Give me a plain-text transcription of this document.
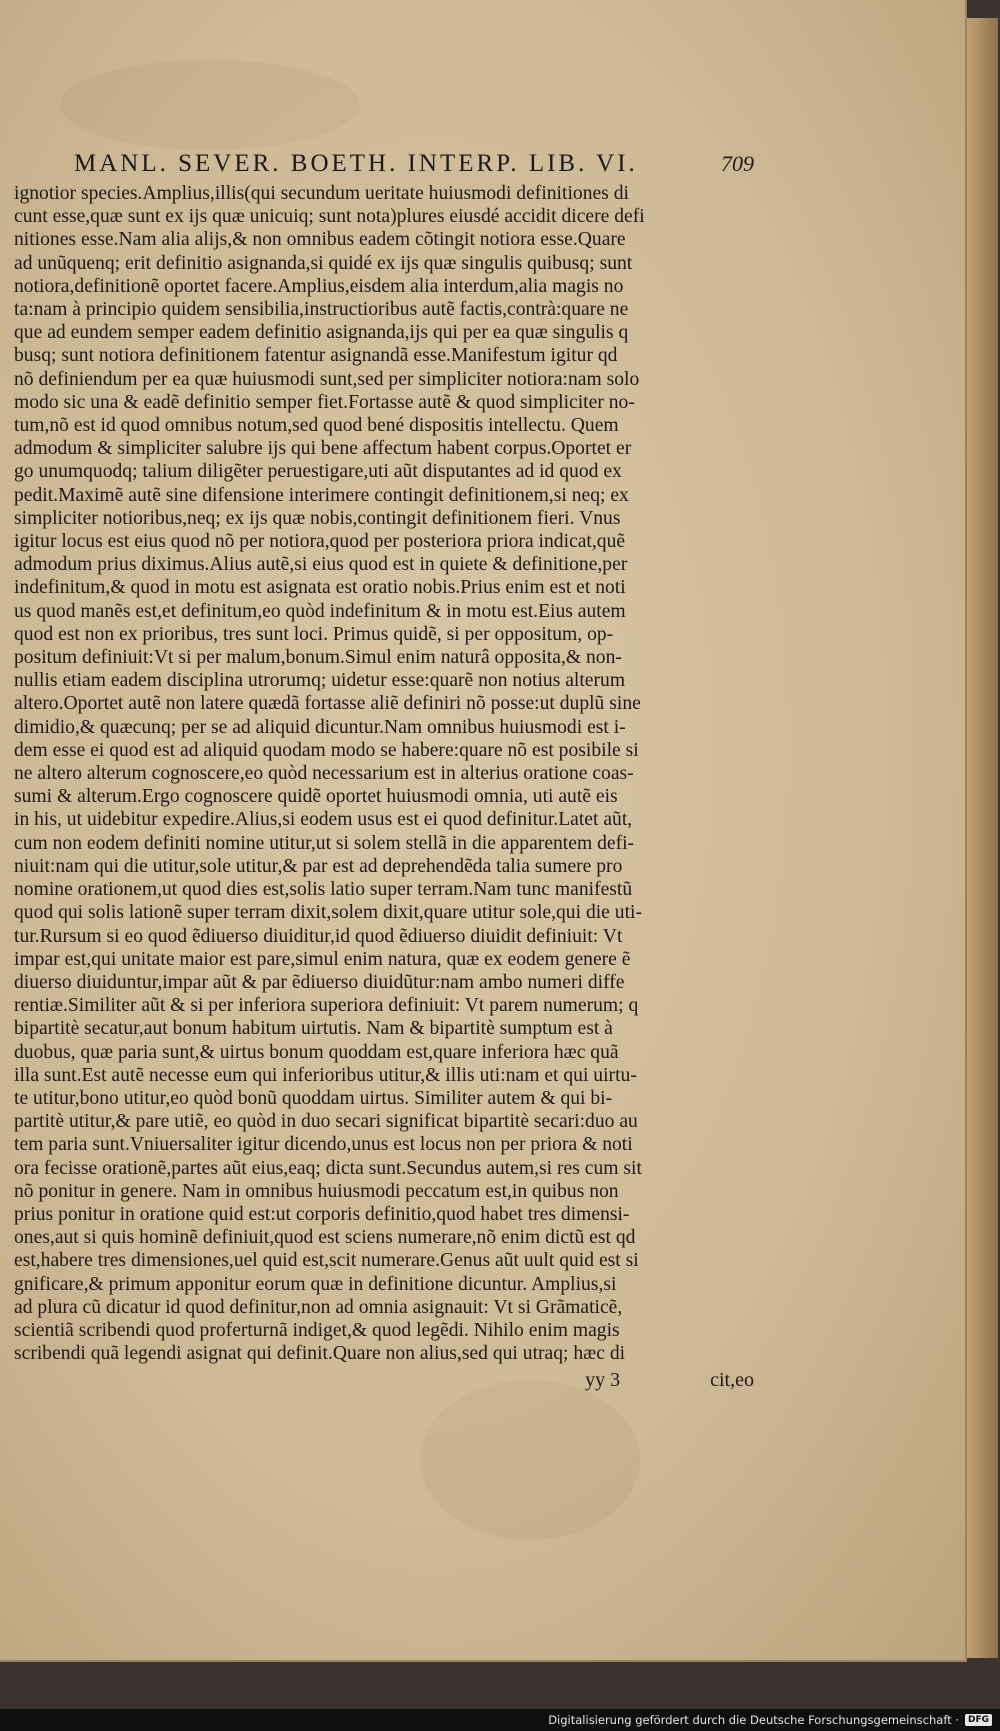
MANL. SEVER. BOETH. INTERP. LIB. VI.	709
ignotior species.Amplius,illis(qui secundum ueritate huiusmodi definitiones di
cunt esse,quæ sunt ex ijs quæ unicuiq; sunt nota)plures eiusdé accidit dicere defi
nitiones esse.Nam alia alijs,& non omnibus eadem cõtingit notiora esse.Quare
ad unũquenq; erit definitio asignanda,si quidé ex ijs quæ singulis quibusq; sunt
notiora,definitionẽ oportet facere.Amplius,eisdem alia interdum,alia magis no
ta:nam à principio quidem sensibilia,instructioribus autẽ factis,contrà:quare ne
que ad eundem semper eadem definitio asignanda,ijs qui per ea quæ singulis q
busq; sunt notiora definitionem fatentur asignandã esse.Manifestum igitur qd
nõ definiendum per ea quæ huiusmodi sunt,sed per simpliciter notiora:nam solo
modo sic una & eadẽ definitio semper fiet.Fortasse autẽ & quod simpliciter no-
tum,nõ est id quod omnibus notum,sed quod bené dispositis intellectu. Quem
admodum & simpliciter salubre ijs qui bene affectum habent corpus.Oportet er
go unumquodq; talium diligẽter peruestigare,uti aũt disputantes ad id quod ex
pedit.Maximẽ autẽ sine difensione interimere contingit definitionem,si neq; ex
simpliciter notioribus,neq; ex ijs quæ nobis,contingit definitionem fieri. Vnus
igitur locus est eius quod nõ per notiora,quod per posteriora priora indicat,quẽ
admodum prius diximus.Alius autẽ,si eius quod est in quiete & definitione,per
indefinitum,& quod in motu est asignata est oratio nobis.Prius enim est et noti
us quod manẽs est,et definitum,eo quòd indefinitum & in motu est.Eius autem
quod est non ex prioribus, tres sunt loci. Primus quidẽ, si per oppositum, op-
positum definiuit:Vt si per malum,bonum.Simul enim naturâ opposita,& non-
nullis etiam eadem disciplina utrorumq; uidetur esse:quarẽ non notius alterum
altero.Oportet autẽ non latere quædã fortasse aliẽ definiri nõ posse:ut duplũ sine
dimidio,& quæcunq; per se ad aliquid dicuntur.Nam omnibus huiusmodi est i-
dem esse ei quod est ad aliquid quodam modo se habere:quare nõ est posibile si
ne altero alterum cognoscere,eo quòd necessarium est in alterius oratione coas-
sumi & alterum.Ergo cognoscere quidẽ oportet huiusmodi omnia, uti autẽ eis
in his, ut uidebitur expedire.Alius,si eodem usus est ei quod definitur.Latet aũt,
cum non eodem definiti nomine utitur,ut si solem stellã in die apparentem defi-
niuit:nam qui die utitur,sole utitur,& par est ad deprehendẽda talia sumere pro
nomine orationem,ut quod dies est,solis latio super terram.Nam tunc manifestũ
quod qui solis lationẽ super terram dixit,solem dixit,quare utitur sole,qui die uti-
tur.Rursum si eo quod ẽdiuerso diuiditur,id quod ẽdiuerso diuidit definiuit: Vt
impar est,qui unitate maior est pare,simul enim natura, quæ ex eodem genere ẽ
diuerso diuiduntur,impar aũt & par ẽdiuerso diuidũtur:nam ambo numeri diffe
rentiæ.Similiter aũt & si per inferiora superiora definiuit: Vt parem numerum; q
bipartitè secatur,aut bonum habitum uirtutis. Nam & bipartitè sumptum est à
duobus, quæ paria sunt,& uirtus bonum quoddam est,quare inferiora hæc quã
illa sunt.Est autẽ necesse eum qui inferioribus utitur,& illis uti:nam et qui uirtu-
te utitur,bono utitur,eo quòd bonũ quoddam uirtus. Similiter autem & qui bi-
partitè utitur,& pare utiẽ, eo quòd in duo secari significat bipartitè secari:duo au
tem paria sunt.Vniuersaliter igitur dicendo,unus est locus non per priora & noti
ora fecisse orationẽ,partes aũt eius,eaq; dicta sunt.Secundus autem,si res cum sit
nõ ponitur in genere. Nam in omnibus huiusmodi peccatum est,in quibus non
prius ponitur in oratione quid est:ut corporis definitio,quod habet tres dimensi-
ones,aut si quis hominẽ definiuit,quod est sciens numerare,nõ enim dictũ est qd
est,habere tres dimensiones,uel quid est,scit numerare.Genus aũt uult quid est si
gnificare,& primum apponitur eorum quæ in definitione dicuntur. Amplius,si
ad plura cũ dicatur id quod definitur,non ad omnia asignauit: Vt si Grãmaticẽ,
scientiã scribendi quod proferturnã indiget,& quod legẽdi. Nihilo enim magis
scribendi quã legendi asignat qui definit.Quare non alius,sed qui utraq; hæc di
yy 3	cit,eo
Digitalisierung gefördert durch die Deutsche Forschungsgemeinschaft ·	DFG
